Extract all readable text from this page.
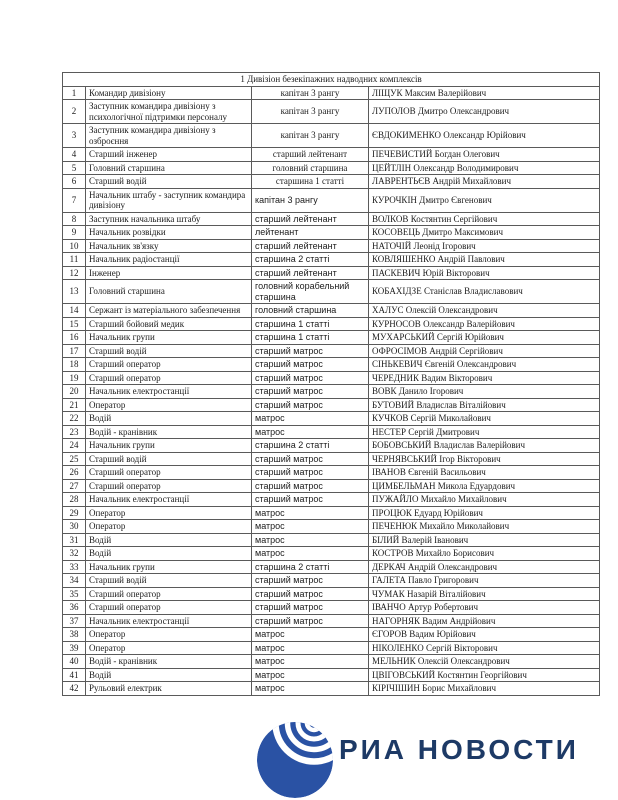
1 Дивізіон безекіпажних надводних комплексів			
1	Командир дивізіону	капітан 3 рангу	ЛІЩУК Максим Валерійович
2	Заступник командира дивізіону з психологічної підтримки персоналу	капітан 3 рангу	ЛУПОЛОВ Дмитро Олександрович
3	Заступник командира дивізіону з озброєння	капітан 3 рангу	ЄВДОКИМЕНКО Олександр Юрійович
4	Старший інженер	старший лейтенант	ПЕЧЕВИСТИЙ Богдан Олегович
5	Головний старшина	головний старшина	ЦЕЙТЛІН Олександр Володимирович
6	Старший водій	старшина 1 статті	ЛАВРЕНТЬЄВ Андрій Михайлович
7	Начальник штабу - заступник командира дивізіону	капітан 3 рангу	КУРОЧКІН Дмитро Євгенович
8	Заступник начальника штабу	старший лейтенант	ВОЛКОВ Костянтин Сергійович
9	Начальник розвідки	лейтенант	КОСОВЕЦЬ Дмитро Максимович
10	Начальник зв'язку	старший лейтенант	НАТОЧІЙ Леонід Ігорович
11	Начальник радіостанції	старшина 2 статті	КОВЛЯШЕНКО Андрій Павлович
12	Інженер	старший лейтенант	ПАСКЕВИЧ Юрій Вікторович
13	Головний старшина	головний корабельний старшина	КОБАХІДЗЕ Станіслав Владиславович
14	Сержант із матеріального забезпечення	головний старшина	ХАЛУС Олексій Олександрович
15	Старший бойовий медик	старшина 1 статті	КУРНОСОВ Олександр Валерійович
16	Начальник групи	старшина 1 статті	МУХАРСЬКИЙ Сергій Юрійович
17	Старший водій	старший матрос	ОФРОСІМОВ Андрій Сергійович
18	Старший оператор	старший матрос	СІНЬКЕВИЧ Євгеній Олександрович
19	Старший оператор	старший матрос	ЧЕРЕДНИК Вадим Вікторович
20	Начальник електростанції	старший матрос	ВОВК Данило Ігорович
21	Оператор	старший матрос	БУТОВИЙ Владислав Віталійович
22	Водій	матрос	КУЧКОВ Сергій Миколайович
23	Водій - кранівник	матрос	НЕСТЕР Сергій Дмитрович
24	Начальник групи	старшина 2 статті	БОБОВСЬКИЙ Владислав Валерійович
25	Старший водій	старший матрос	ЧЕРНЯВСЬКИЙ Ігор Вікторович
26	Старший оператор	старший матрос	ІВАНОВ Євгеній Васильович
27	Старший оператор	старший матрос	ЦИМБЕЛЬМАН Микола Едуардович
28	Начальник електростанції	старший матрос	ПУЖАЙЛО Михайло Михайлович
29	Оператор	матрос	ПРОЦЮК Едуард Юрійович
30	Оператор	матрос	ПЕЧЕНЮК Михайло Миколайович
31	Водій	матрос	БІЛИЙ Валерій Іванович
32	Водій	матрос	КОСТРОВ Михайло Борисович
33	Начальник групи	старшина 2 статті	ДЕРКАЧ Андрій Олександрович
34	Старший водій	старший матрос	ГАЛЕТА Павло Григорович
35	Старший оператор	старший матрос	ЧУМАК Назарій Віталійович
36	Старший оператор	старший матрос	ІВАНЧО Артур Робертович
37	Начальник електростанції	старший матрос	НАГОРНЯК Вадим Андрійович
38	Оператор	матрос	ЄГОРОВ Вадим Юрійович
39	Оператор	матрос	НІКОЛЕНКО Сергій Вікторович
40	Водій - кранівник	матрос	МЕЛЬНИК Олексій Олександрович
41	Водій	матрос	ЦВІГОВСЬКИЙ Костянтин Георгійович
42	Рульовий електрик	матрос	КІРІЧІШИН Борис Михайлович
РИА НОВОСТИ
